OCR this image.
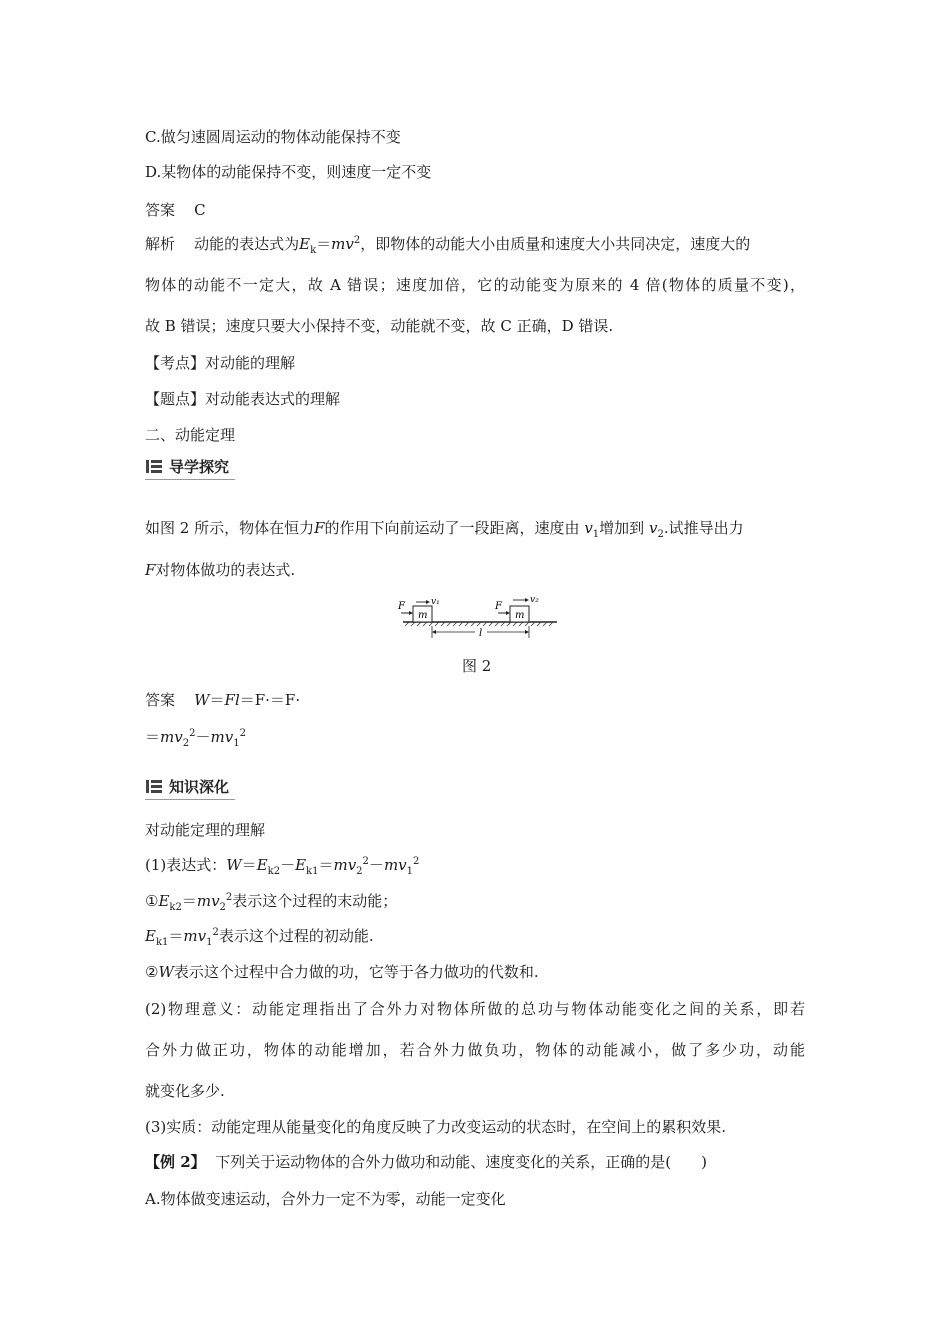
C.做匀速圆周运动的物体动能保持不变
D.某物体的动能保持不变，则速度一定不变
答案 C
解析 动能的表达式为$E_k=mv^2$，即物体的动能大小由质量和速度大小共同决定，速度大的
物体的动能不一定大，故 A 错误；速度加倍，它的动能变为原来的 4 倍(物体的质量不变)，
故 B 错误；速度只要大小保持不变，动能就不变，故 C 正确，D 错误.
【考点】对动能的理解
【题点】对动能表达式的理解
二、动能定理
导学探究
如图 2 所示，物体在恒力F的作用下向前运动了一段距离，速度由 $v_1$增加到 $v_2$.试推导出力
F对物体做功的表达式.
m
F	v₁
m
F
v₂
l
图 2
答案 W＝Fl＝F·＝F·
$=mv_2^2-mv_1^2$
知识深化
对动能定理的理解
(1)表达式：$W=E_{k2}-E_{k1}=mv_2^2-mv_1^2$
$①E_{k2}=mv_2^2$表示这个过程的末动能；
$E_{k1}=mv_1^2$表示这个过程的初动能.
②W表示这个过程中合力做的功，它等于各力做功的代数和.
(2)物理意义：动能定理指出了合外力对物体所做的总功与物体动能变化之间的关系，即若
合外力做正功，物体的动能增加，若合外力做负功，物体的动能减小，做了多少功，动能
就变化多少.
(3)实质：动能定理从能量变化的角度反映了力改变运动的状态时，在空间上的累积效果.
【例 2】 下列关于运动物体的合外力做功和动能、速度变化的关系，正确的是(　　)
A.物体做变速运动，合外力一定不为零，动能一定变化
